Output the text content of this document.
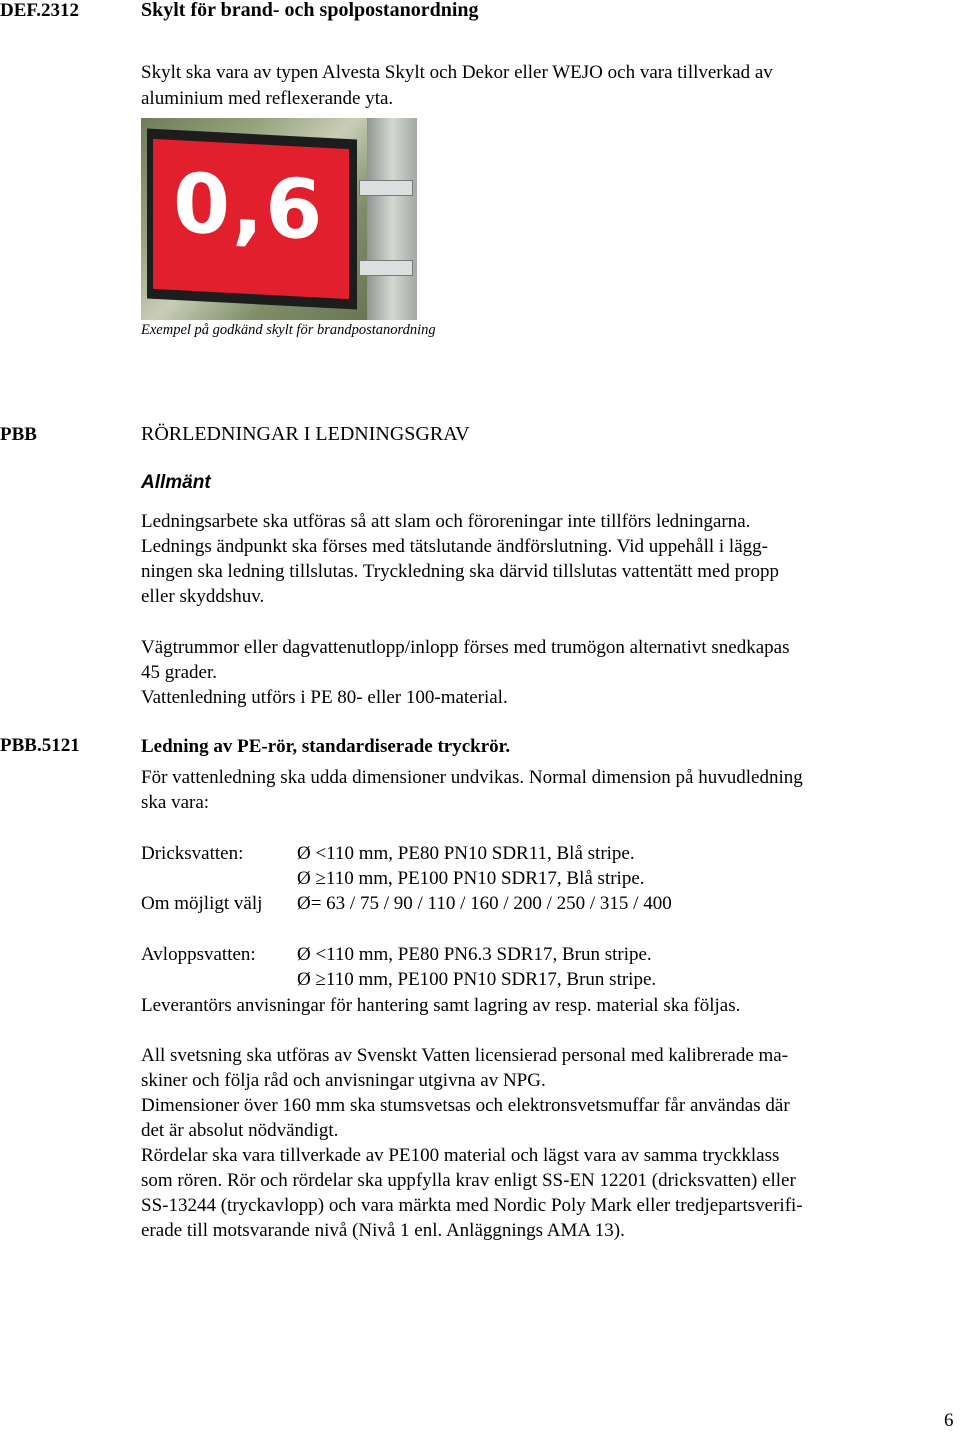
DEF.2312	Skylt för brand- och spolpostanordning
Skylt ska vara av typen Alvesta Skylt och Dekor eller WEJO och vara tillverkad av
aluminium med reflexerande yta.
0,6
Exempel på godkänd skylt för brandpostanordning
PBB	RÖRLEDNINGAR I LEDNINGSGRAV
Allmänt
Ledningsarbete ska utföras så att slam och föroreningar inte tillförs ledningarna.
Lednings ändpunkt ska förses med tätslutande ändförslutning. Vid uppehåll i lägg-
ningen ska ledning tillslutas. Tryckledning ska därvid tillslutas vattentätt med propp
eller skyddshuv.
Vägtrummor eller dagvattenutlopp/inlopp förses med trumögon alternativt snedkapas
45 grader.
Vattenledning utförs i PE 80- eller 100-material.
PBB.5121	Ledning av PE-rör, standardiserade tryckrör.
För vattenledning ska udda dimensioner undvikas. Normal dimension på huvudledning
ska vara:
Dricksvatten:	Ø <110 mm, PE80 PN10 SDR11, Blå stripe.
Ø ≥110 mm, PE100 PN10 SDR17, Blå stripe.
Om möjligt välj Ø= 63 / 75 / 90 / 110 / 160 / 200 / 250 / 315 / 400
Avloppsvatten: Ø <110 mm, PE80 PN6.3 SDR17, Brun stripe.
Ø ≥110 mm, PE100 PN10 SDR17, Brun stripe.
Leverantörs anvisningar för hantering samt lagring av resp. material ska följas.
All svetsning ska utföras av Svenskt Vatten licensierad personal med kalibrerade ma-
skiner och följa råd och anvisningar utgivna av NPG.
Dimensioner över 160 mm ska stumsvetsas och elektronsvetsmuffar får användas där
det är absolut nödvändigt.
Rördelar ska vara tillverkade av PE100 material och lägst vara av samma tryckklass
som rören. Rör och rördelar ska uppfylla krav enligt SS-EN 12201 (dricksvatten) eller
SS-13244 (tryckavlopp) och vara märkta med Nordic Poly Mark eller tredjepartsverifi-
erade till motsvarande nivå (Nivå 1 enl. Anläggnings AMA 13).
6
